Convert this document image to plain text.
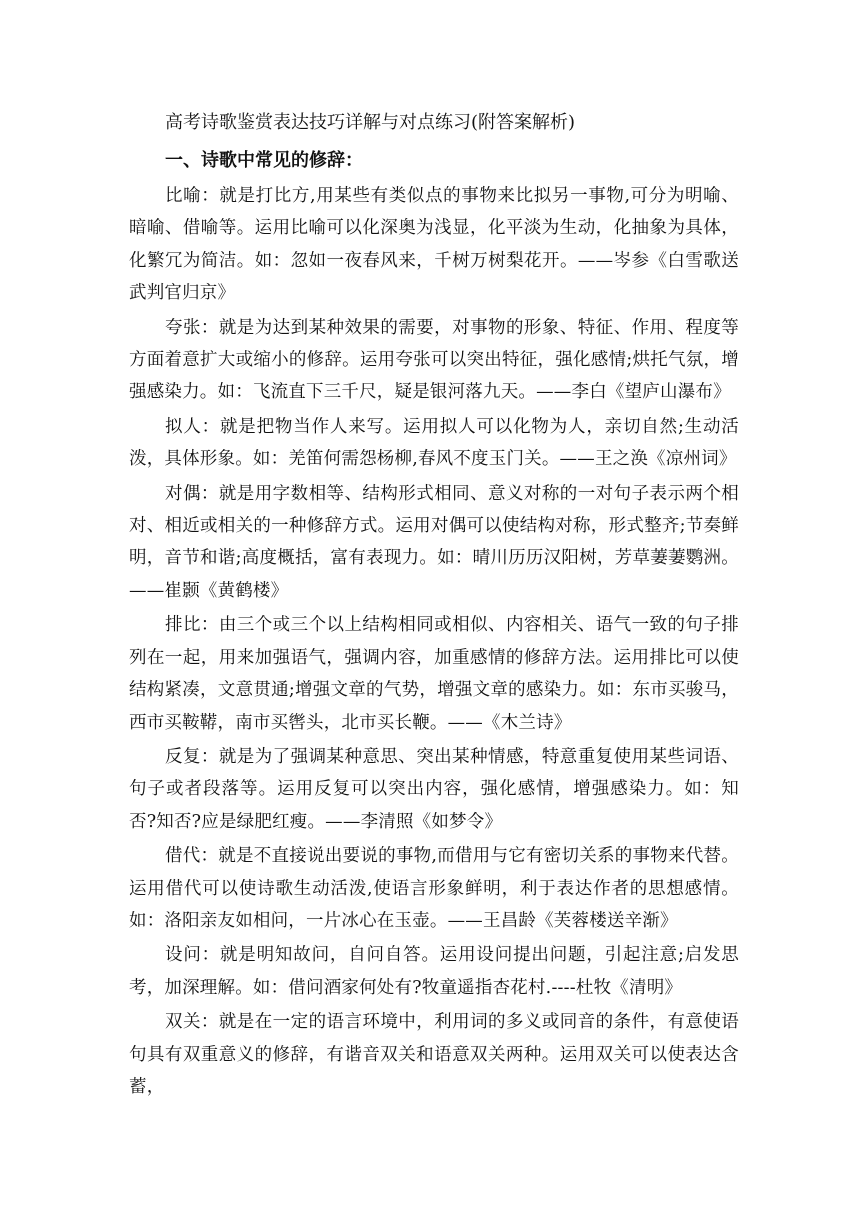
高考诗歌鉴赏表达技巧详解与对点练习(附答案解析)
一、诗歌中常见的修辞：

比喻：就是打比方,用某些有类似点的事物来比拟另一事物,可分为明喻、暗喻、借喻等。运用比喻可以化深奥为浅显，化平淡为生动，化抽象为具体，化繁冗为简洁。如：忽如一夜春风来，千树万树梨花开。——岑参《白雪歌送武判官归京》

夸张：就是为达到某种效果的需要，对事物的形象、特征、作用、程度等方面着意扩大或缩小的修辞。运用夸张可以突出特征，强化感情;烘托气氛，增强感染力。如：飞流直下三千尺，疑是银河落九天。——李白《望庐山瀑布》

拟人：就是把物当作人来写。运用拟人可以化物为人，亲切自然;生动活泼，具体形象。如：羌笛何需怨杨柳,春风不度玉门关。——王之涣《凉州词》

对偶：就是用字数相等、结构形式相同、意义对称的一对句子表示两个相对、相近或相关的一种修辞方式。运用对偶可以使结构对称，形式整齐;节奏鲜明，音节和谐;高度概括，富有表现力。如：晴川历历汉阳树，芳草萋萋鹦洲。——崔颢《黄鹤楼》

排比：由三个或三个以上结构相同或相似、内容相关、语气一致的句子排列在一起，用来加强语气，强调内容，加重感情的修辞方法。运用排比可以使结构紧凑，文意贯通;增强文章的气势，增强文章的感染力。如：东市买骏马，西市买鞍鞯，南市买辔头，北市买长鞭。——《木兰诗》

反复：就是为了强调某种意思、突出某种情感，特意重复使用某些词语、句子或者段落等。运用反复可以突出内容，强化感情，增强感染力。如：知否?知否?应是绿肥红瘦。——李清照《如梦令》

借代：就是不直接说出要说的事物,而借用与它有密切关系的事物来代替。运用借代可以使诗歌生动活泼,使语言形象鲜明，利于表达作者的思想感情。如：洛阳亲友如相问，一片冰心在玉壶。——王昌龄《芙蓉楼送辛渐》

设问：就是明知故问，自问自答。运用设问提出问题，引起注意;启发思考，加深理解。如：借问酒家何处有?牧童遥指杏花村.----杜牧《清明》

双关：就是在一定的语言环境中，利用词的多义或同音的条件，有意使语句具有双重意义的修辞，有谐音双关和语意双关两种。运用双关可以使表达含蓄，
